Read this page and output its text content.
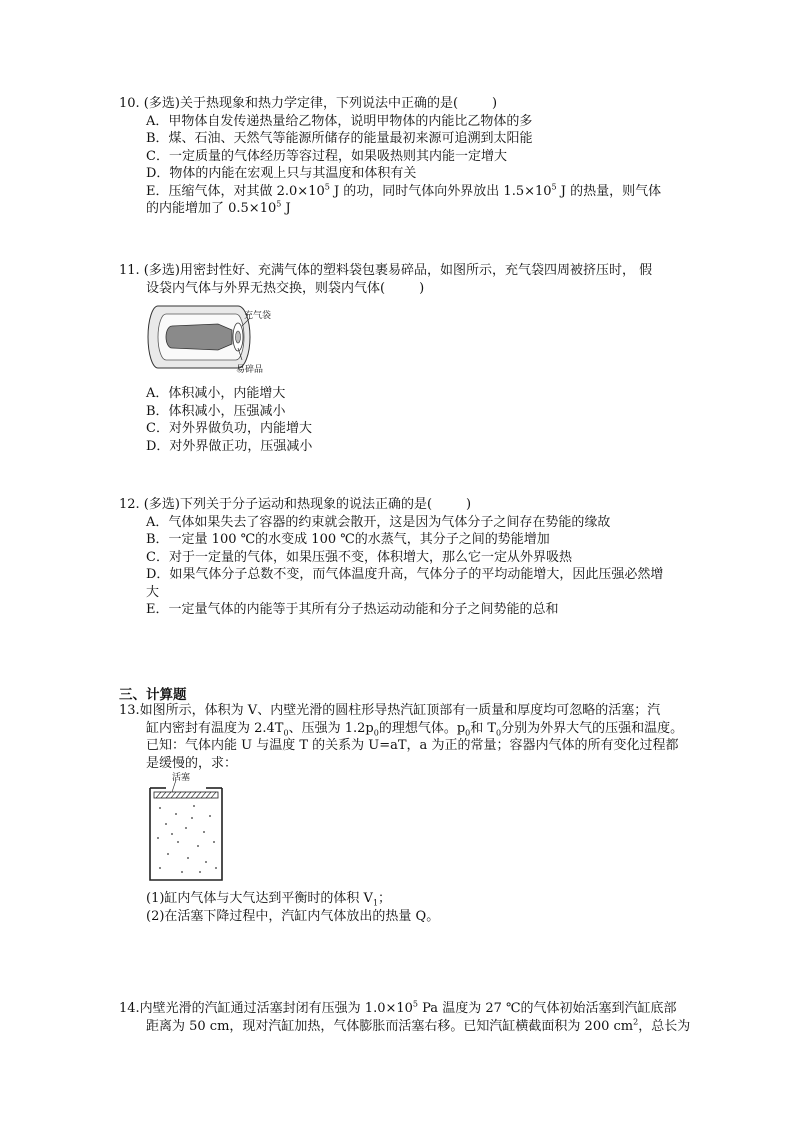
10. (多选)关于热现象和热力学定律，下列说法中正确的是(	)
A．甲物体自发传递热量给乙物体，说明甲物体的内能比乙物体的多
B．煤、石油、天然气等能源所储存的能量最初来源可追溯到太阳能
C．一定质量的气体经历等容过程，如果吸热则其内能一定增大
D．物体的内能在宏观上只与其温度和体积有关
E．压缩气体，对其做 $2.0\times 10^5$ J 的功，同时气体向外界放出 $1.5\times 10^5$ J 的热量，则气体
的内能增加了 $0.5\times 10^5$ J
11. (多选)用密封性好、充满气体的塑料袋包裹易碎品，如图所示，充气袋四周被挤压时， 假
设袋内气体与外界无热交换，则袋内气体(	)
充气袋
易碎品
A．体积减小，内能增大
B．体积减小，压强减小
C．对外界做负功，内能增大
D．对外界做正功，压强减小
12. (多选)下列关于分子运动和热现象的说法正确的是(	)
A．气体如果失去了容器的约束就会散开，这是因为气体分子之间存在势能的缘故
B．一定量 100 ℃的水变成 100 ℃的水蒸气，其分子之间的势能增加
C．对于一定量的气体，如果压强不变，体积增大，那么它一定从外界吸热
D．如果气体分子总数不变，而气体温度升高，气体分子的平均动能增大，因此压强必然增
大
E．一定量气体的内能等于其所有分子热运动动能和分子之间势能的总和
三、计算题
13.如图所示，体积为 V、内壁光滑的圆柱形导热汽缸顶部有一质量和厚度均可忽略的活塞；汽
缸内密封有温度为 $2.4T_0$、压强为 $1.2p_0$的理想气体。$p_0$和 $T_0$分别为外界大气的压强和温度。
已知：气体内能 U 与温度 T 的关系为 U=aT，a 为正的常量；容器内气体的所有变化过程都
是缓慢的，求：
活塞
(1)缸内气体与大气达到平衡时的体积 $V_1$；
(2)在活塞下降过程中，汽缸内气体放出的热量 Q。
14.内壁光滑的汽缸通过活塞封闭有压强为 $1.0\times 10^5$ Pa 温度为 27 ℃的气体初始活塞到汽缸底部
距离为 50 cm，现对汽缸加热，气体膨胀而活塞右移。已知汽缸横截面积为 200 $cm^2$，总长为
